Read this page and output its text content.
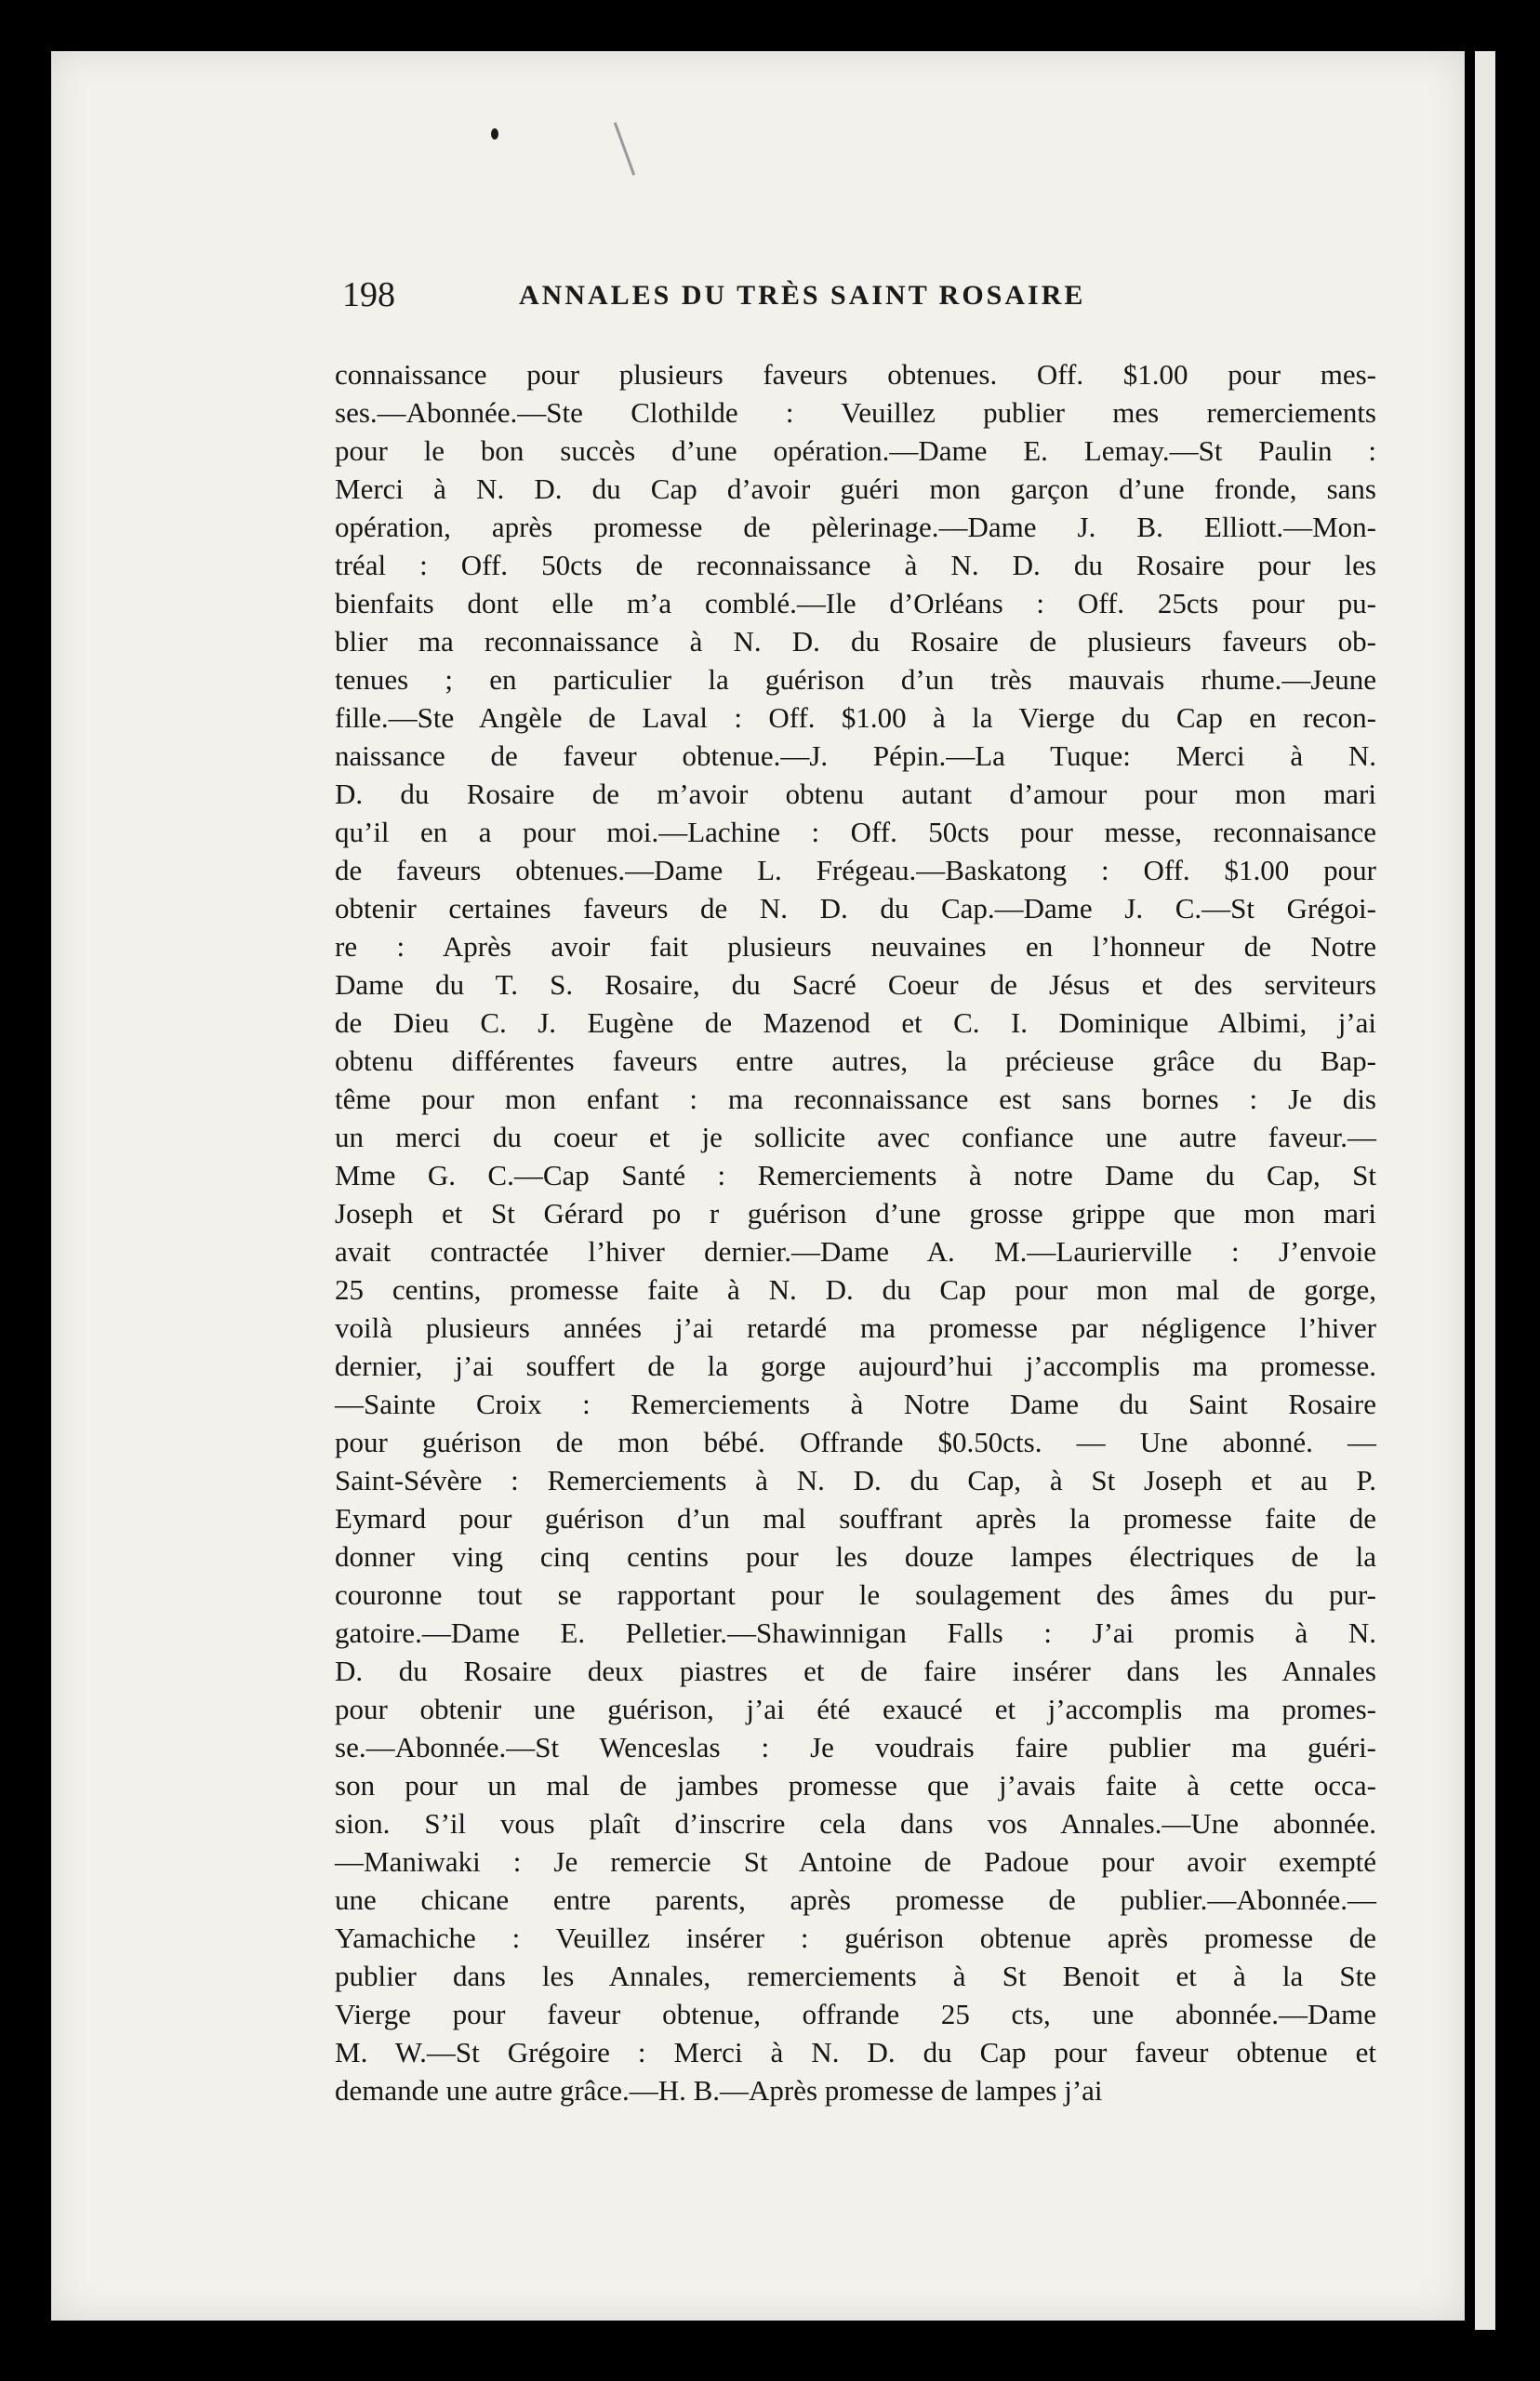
198	ANNALES DU TRÈS SAINT ROSAIRE
connaissance pour plusieurs faveurs obtenues. Off. $1.00 pour mes-
ses.—Abonnée.—Ste Clothilde : Veuillez publier mes remerciements
pour le bon succès d’une opération.—Dame E. Lemay.—St Paulin :
Merci à N. D. du Cap d’avoir guéri mon garçon d’une fronde, sans
opération, après promesse de pèlerinage.—Dame J. B. Elliott.—Mon-
tréal : Off. 50cts de reconnaissance à N. D. du Rosaire pour les
bienfaits dont elle m’a comblé.—Ile d’Orléans : Off. 25cts pour pu-
blier ma reconnaissance à N. D. du Rosaire de plusieurs faveurs ob-
tenues ; en particulier la guérison d’un très mauvais rhume.—Jeune
fille.—Ste Angèle de Laval : Off. $1.00 à la Vierge du Cap en recon-
naissance de faveur obtenue.—J. Pépin.—La Tuque: Merci à N.
D. du Rosaire de m’avoir obtenu autant d’amour pour mon mari
qu’il en a pour moi.—Lachine : Off. 50cts pour messe, reconnaisance
de faveurs obtenues.—Dame L. Frégeau.—Baskatong : Off. $1.00 pour
obtenir certaines faveurs de N. D. du Cap.—Dame J. C.—St Grégoi-
re : Après avoir fait plusieurs neuvaines en l’honneur de Notre
Dame du T. S. Rosaire, du Sacré Coeur de Jésus et des serviteurs
de Dieu C. J. Eugène de Mazenod et C. I. Dominique Albimi, j’ai
obtenu différentes faveurs entre autres, la précieuse grâce du Bap-
tême pour mon enfant : ma reconnaissance est sans bornes : Je dis
un merci du coeur et je sollicite avec confiance une autre faveur.—
Mme G. C.—Cap Santé : Remerciements à notre Dame du Cap, St
Joseph et St Gérard po r guérison d’une grosse grippe que mon mari
avait contractée l’hiver dernier.—Dame A. M.—Laurierville : J’envoie
25 centins, promesse faite à N. D. du Cap pour mon mal de gorge,
voilà plusieurs années j’ai retardé ma promesse par négligence l’hiver
dernier, j’ai souffert de la gorge aujourd’hui j’accomplis ma promesse.
—Sainte Croix : Remerciements à Notre Dame du Saint Rosaire
pour guérison de mon bébé. Offrande $0.50cts. — Une abonné. —
Saint-Sévère : Remerciements à N. D. du Cap, à St Joseph et au P.
Eymard pour guérison d’un mal souffrant après la promesse faite de
donner ving cinq centins pour les douze lampes électriques de la
couronne tout se rapportant pour le soulagement des âmes du pur-
gatoire.—Dame E. Pelletier.—Shawinnigan Falls : J’ai promis à N.
D. du Rosaire deux piastres et de faire insérer dans les Annales
pour obtenir une guérison, j’ai été exaucé et j’accomplis ma promes-
se.—Abonnée.—St Wenceslas : Je voudrais faire publier ma guéri-
son pour un mal de jambes promesse que j’avais faite à cette occa-
sion. S’il vous plaît d’inscrire cela dans vos Annales.—Une abonnée.
—Maniwaki : Je remercie St Antoine de Padoue pour avoir exempté
une chicane entre parents, après promesse de publier.—Abonnée.—
Yamachiche : Veuillez insérer : guérison obtenue après promesse de
publier dans les Annales, remerciements à St Benoit et à la Ste
Vierge pour faveur obtenue, offrande 25 cts, une abonnée.—Dame
M. W.—St Grégoire : Merci à N. D. du Cap pour faveur obtenue et
demande une autre grâce.—H. B.—Après promesse de lampes j’ai
